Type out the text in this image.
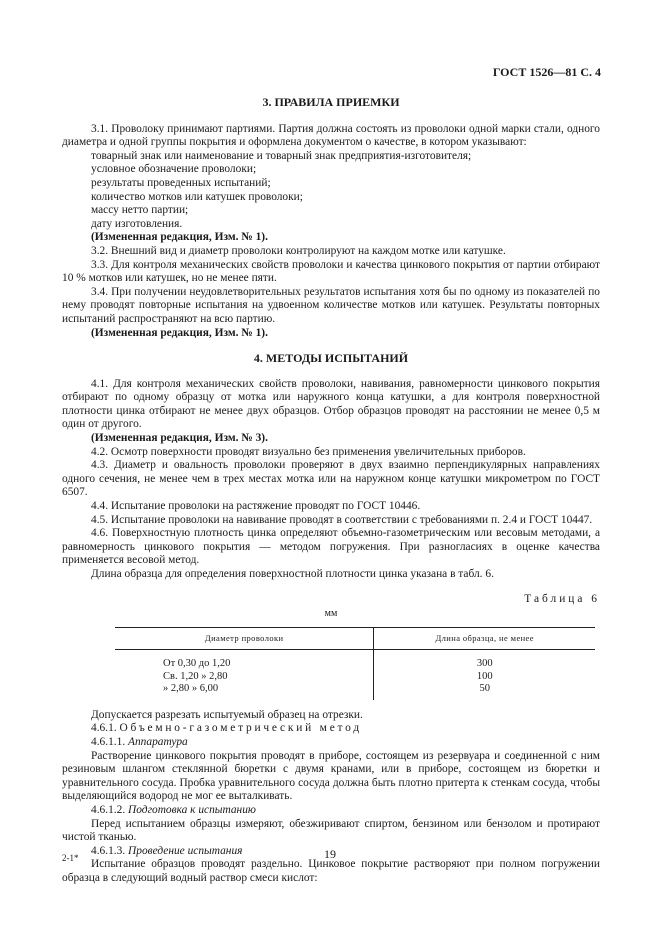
ГОСТ 1526—81 С. 4
3. ПРАВИЛА ПРИЕМКИ

3.1. Проволоку принимают партиями. Партия должна состоять из проволоки одной марки стали, одного диаметра и одной группы покрытия и оформлена документом о качестве, в котором указывают:

товарный знак или наименование и товарный знак предприятия-изготовителя;

условное обозначение проволоки;

результаты проведенных испытаний;

количество мотков или катушек проволоки;

массу нетто партии;

дату изготовления.

(Измененная редакция, Изм. № 1).

3.2. Внешний вид и диаметр проволоки контролируют на каждом мотке или катушке.

3.3. Для контроля механических свойств проволоки и качества цинкового покрытия от партии отбирают 10 % мотков или катушек, но не менее пяти.

3.4. При получении неудовлетворительных результатов испытания хотя бы по одному из показателей по нему проводят повторные испытания на удвоенном количестве мотков или катушек. Результаты повторных испытаний распространяют на всю партию.

(Измененная редакция, Изм. № 1).

4. МЕТОДЫ ИСПЫТАНИЙ

4.1. Для контроля механических свойств проволоки, навивания, равномерности цинкового покрытия отбирают по одному образцу от мотка или наружного конца катушки, а для контроля поверхностной плотности цинка отбирают не менее двух образцов. Отбор образцов проводят на расстоянии не менее 0,5 м один от другого.

(Измененная редакция, Изм. № 3).

4.2. Осмотр поверхности проводят визуально без применения увеличительных приборов.

4.3. Диаметр и овальность проволоки проверяют в двух взаимно перпендикулярных направлениях одного сечения, не менее чем в трех местах мотка или на наружном конце катушки микрометром по ГОСТ 6507.

4.4. Испытание проволоки на растяжение проводят по ГОСТ 10446.

4.5. Испытание проволоки на навивание проводят в соответствии с требованиями п. 2.4 и ГОСТ 10447.

4.6. Поверхностную плотность цинка определяют объемно-газометрическим или весовым методами, а равномерность цинкового покрытия — методом погружения. При разногласиях в оценке качества применяется весовой метод.

Длина образца для определения поверхностной плотности цинка указана в табл. 6.

Таблица 6
мм
Диаметр проволоки	Длина образца, не менее
От 0,30 до 1,20	300
Св. 1,20 » 2,80	100
» 2,80 » 6,00	50

Допускается разрезать испытуемый образец на отрезки.

4.6.1. Объемно-газометрический метод

4.6.1.1. Аппаратура

Растворение цинкового покрытия проводят в приборе, состоящем из резервуара и соединенной с ним резиновым шлангом стеклянной бюретки с двумя кранами, или в приборе, состоящем из бюретки и уравнительного сосуда. Пробка уравнительного сосуда должна быть плотно притерта к стенкам сосуда, чтобы выделяющийся водород не мог ее выталкивать.

4.6.1.2. Подготовка к испытанию

Перед испытанием образцы измеряют, обезжиривают спиртом, бензином или бензолом и протирают чистой тканью.

4.6.1.3. Проведение испытания

Испытание образцов проводят раздельно. Цинковое покрытие растворяют при полном погружении образца в следующий водный раствор смеси кислот:

2-1*	19
